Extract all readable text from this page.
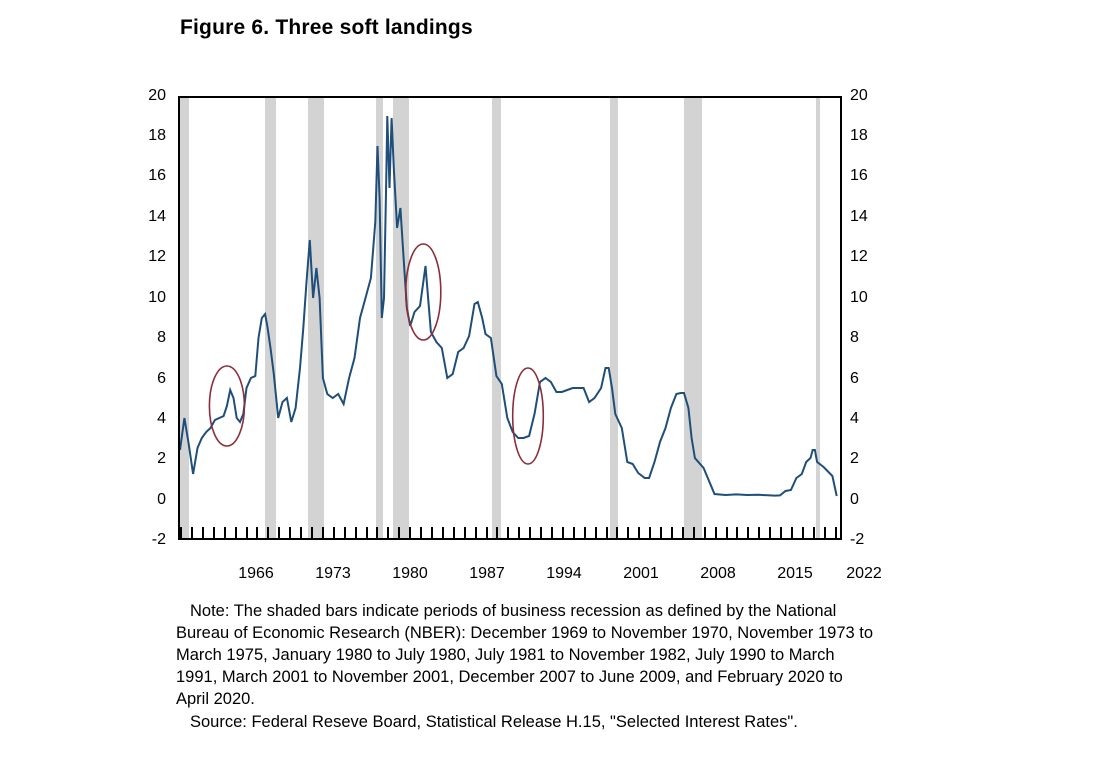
Figure 6. Three soft landings
20
18
16
14
12
10
8
6
4
2
0
-2
20
18
16
14
12
10
8
6
4
2
0
-2
1966	1973	1980	1987	1994	2001	2008	2015 2022

Note: The shaded bars indicate periods of business recession as defined by the National Bureau of Economic Research (NBER): December 1969 to November 1970, November 1973 to March 1975, January 1980 to July 1980, July 1981 to November 1982, July 1990 to March 1991, March 2001 to November 2001, December 2007 to June 2009, and February 2020 to April 2020.

Source: Federal Reseve Board, Statistical Release H.15, "Selected Interest Rates".
